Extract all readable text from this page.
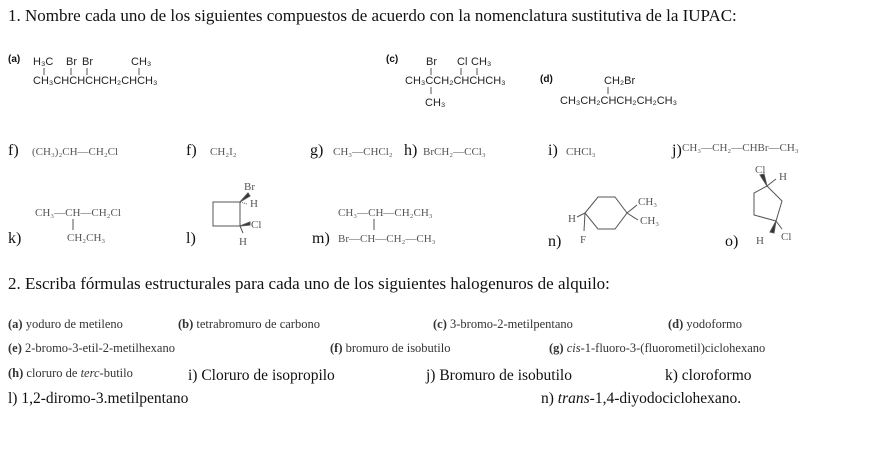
1. Nombre cada uno de los siguientes compuestos de acuerdo con la nomenclatura sustitutiva de la IUPAC:
(a) H₃C Br Br	CH₃
CH₃CHCHCHCH₂CHCH₃
(c)	Br Cl CH₃
CH₃CCH₂CHCHCH₃
CH₃
(d)	CH₂Br
CH₃CH₂CHCH₂CH₂CH₃
f) (CH₃)₂CH—CH₂Cl	f) CH₂I₂	g) CH₃—CHCl₂ h) BrCH₂—CCl₃	i) CHCl₃	j) CH₃—CH₂—CHBr—CH₃
k)
CH₃—CH—CH₂Cl
CH₂CH₃	l)
Br
H
Cl
H	m)
CH₃—CH—CH₂CH₃
Br—CH—CH₂—CH₃	n)
CH₃
CH₃
H
F	o)
Cl
H
H Cl
2. Escriba fórmulas estructurales para cada uno de los siguientes halogenuros de alquilo:
(a) yoduro de metileno	(b) tetrabromuro de carbono	(c) 3-bromo-2-metilpentano	(d) yodoformo
(e) 2-bromo-3-etil-2-metilhexano	(f) bromuro de isobutilo	(g) cis-1-fluoro-3-(fluorometil)ciclohexano
(h) cloruro de terc-butilo	i) Cloruro de isopropilo	j) Bromuro de isobutilo	k) cloroformo
l) 1,2-diromo-3.metilpentano	n) trans-1,4-diyodociclohexano.
